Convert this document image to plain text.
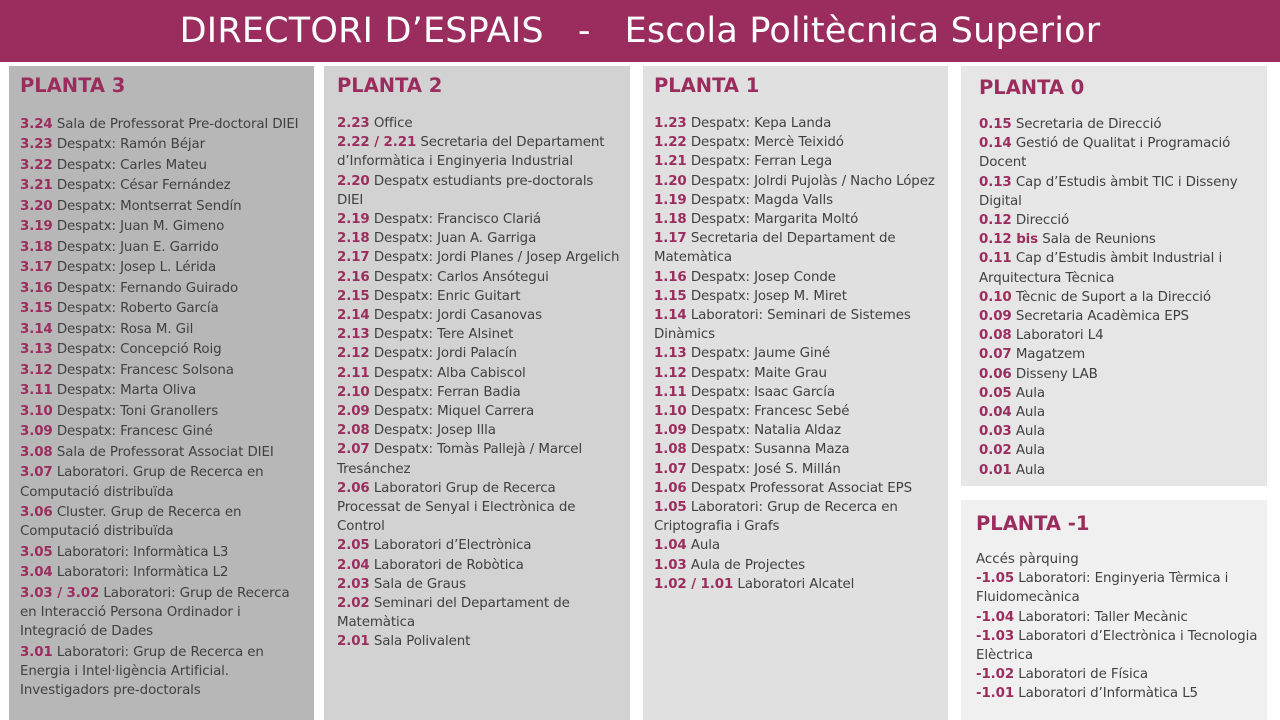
DIRECTORI D’ESPAIS   -   Escola Politècnica Superior
PLANTA 3
3.24 Sala de Professorat Pre-doctoral DIEI
3.23 Despatx: Ramón Béjar
3.22 Despatx: Carles Mateu
3.21 Despatx: César Fernández
3.20 Despatx: Montserrat Sendín
3.19 Despatx: Juan M. Gimeno
3.18 Despatx: Juan E. Garrido
3.17 Despatx: Josep L. Lérida
3.16 Despatx: Fernando Guirado
3.15 Despatx: Roberto García
3.14 Despatx: Rosa M. Gil
3.13 Despatx: Concepció Roig
3.12 Despatx: Francesc Solsona
3.11 Despatx: Marta Oliva
3.10 Despatx: Toni Granollers
3.09 Despatx: Francesc Giné
3.08 Sala de Professorat Associat DIEI
3.07 Laboratori. Grup de Recerca en Computació distribuïda
3.06 Cluster. Grup de Recerca en Computació distribuïda
3.05 Laboratori: Informàtica L3
3.04 Laboratori: Informàtica L2
3.03 / 3.02 Laboratori: Grup de Recerca en Interacció Persona Ordinador i Integració de Dades
3.01 Laboratori: Grup de Recerca en Energia i Intel·ligència Artificial. Investigadors pre-doctorals
PLANTA 2
2.23 Office
2.22 / 2.21 Secretaria del Departament d’Informàtica i Enginyeria Industrial
2.20 Despatx estudiants pre-doctorals DIEI
2.19 Despatx: Francisco Clariá
2.18 Despatx: Juan A. Garriga
2.17 Despatx: Jordi Planes / Josep Argelich
2.16 Despatx: Carlos Ansótegui
2.15 Despatx: Enric Guitart
2.14 Despatx: Jordi Casanovas
2.13 Despatx: Tere Alsinet
2.12 Despatx: Jordi Palacín
2.11 Despatx: Alba Cabiscol
2.10 Despatx: Ferran Badia
2.09 Despatx: Miquel Carrera
2.08 Despatx: Josep Illa
2.07 Despatx: Tomàs Pallejà / Marcel Tresánchez
2.06 Laboratori Grup de Recerca Processat de Senyal i Electrònica de Control
2.05 Laboratori d’Electrònica
2.04 Laboratori de Robòtica
2.03 Sala de Graus
2.02 Seminari del Departament de Matemàtica
2.01 Sala Polivalent
PLANTA 1
1.23 Despatx: Kepa Landa
1.22 Despatx: Mercè Teixidó
1.21 Despatx: Ferran Lega
1.20 Despatx: Jolrdi Pujolàs / Nacho López
1.19 Despatx: Magda Valls
1.18 Despatx: Margarita Moltó
1.17 Secretaria del Departament de Matemàtica
1.16 Despatx: Josep Conde
1.15 Despatx: Josep M. Miret
1.14 Laboratori: Seminari de Sistemes Dinàmics
1.13 Despatx: Jaume Giné
1.12 Despatx: Maite Grau
1.11 Despatx: Isaac García
1.10 Despatx: Francesc Sebé
1.09 Despatx: Natalia Aldaz
1.08 Despatx: Susanna Maza
1.07 Despatx: José S. Millán
1.06 Despatx Professorat Associat EPS
1.05 Laboratori: Grup de Recerca en Criptografia i Grafs
1.04 Aula
1.03 Aula de Projectes
1.02 / 1.01 Laboratori Alcatel
PLANTA 0
0.15 Secretaria de Direcció
0.14 Gestió de Qualitat i Programació Docent
0.13 Cap d’Estudis àmbit TIC i Disseny Digital
0.12 Direcció
0.12 bis Sala de Reunions
0.11 Cap d’Estudis àmbit Industrial i Arquitectura Tècnica
0.10 Tècnic de Suport a la Direcció
0.09 Secretaria Acadèmica EPS
0.08 Laboratori L4
0.07 Magatzem
0.06 Disseny LAB
0.05 Aula
0.04 Aula
0.03 Aula
0.02 Aula
0.01 Aula
PLANTA -1
Accés pàrquing
-1.05 Laboratori: Enginyeria Tèrmica i Fluidomecànica
-1.04 Laboratori: Taller Mecànic
-1.03 Laboratori d’Electrònica i Tecnologia Elèctrica
-1.02 Laboratori de Física
-1.01 Laboratori d’Informàtica L5
